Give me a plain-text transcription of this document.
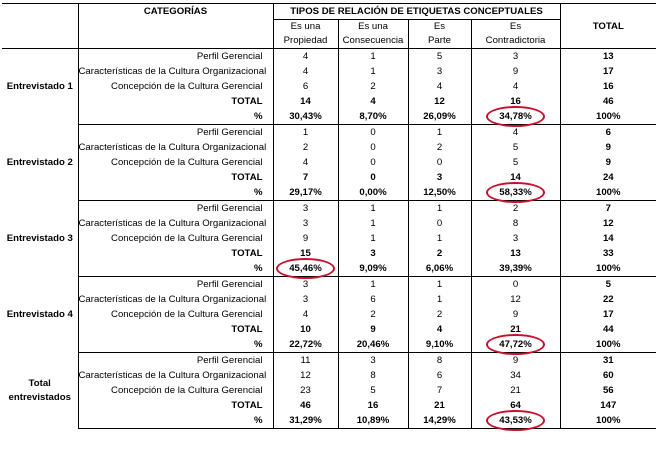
	CATEGORÍAS	TIPOS DE RELACIÓN DE ETIQUETAS CONCEPTUALES				TOTAL
		Es una	Es una	Es	Es	
		Propiedad	Consecuencia	Parte	Contradictoria	

Entrevistado 1	Perfil Gerencial	4	1	5	3	13
	Características de la Cultura Organizacional	4	1	3	9	17
	Concepción de la Cultura Gerencial	6	2	4	4	16
	TOTAL	14	4	12	16	46
	%	30,43%	8,70%	26,09%	34,78%	100%

Entrevistado 2	Perfil Gerencial	1	0	1	4	6
	Características de la Cultura Organizacional	2	0	2	5	9
	Concepción de la Cultura Gerencial	4	0	0	5	9
	TOTAL	7	0	3	14	24
	%	29,17%	0,00%	12,50%	58,33%	100%

Entrevistado 3	Perfil Gerencial	3	1	1	2	7
	Características de la Cultura Organizacional	3	1	0	8	12
	Concepción de la Cultura Gerencial	9	1	1	3	14
	TOTAL	15	3	2	13	33
	%	45,46%	9,09%	6,06%	39,39%	100%

Entrevistado 4	Perfil Gerencial	3	1	1	0	5
	Características de la Cultura Organizacional	3	6	1	12	22
	Concepción de la Cultura Gerencial	4	2	2	9	17
	TOTAL	10	9	4	21	44
	%	22,72%	20,46%	9,10%	47,72%	100%

Total
entrevistados	Perfil Gerencial	11	3	8	9	31
	Características de la Cultura Organizacional	12	8	6	34	60
	Concepción de la Cultura Gerencial	23	5	7	21	56
	TOTAL	46	16	21	64	147
	%	31,29%	10,89%	14,29%	43,53%	100%
